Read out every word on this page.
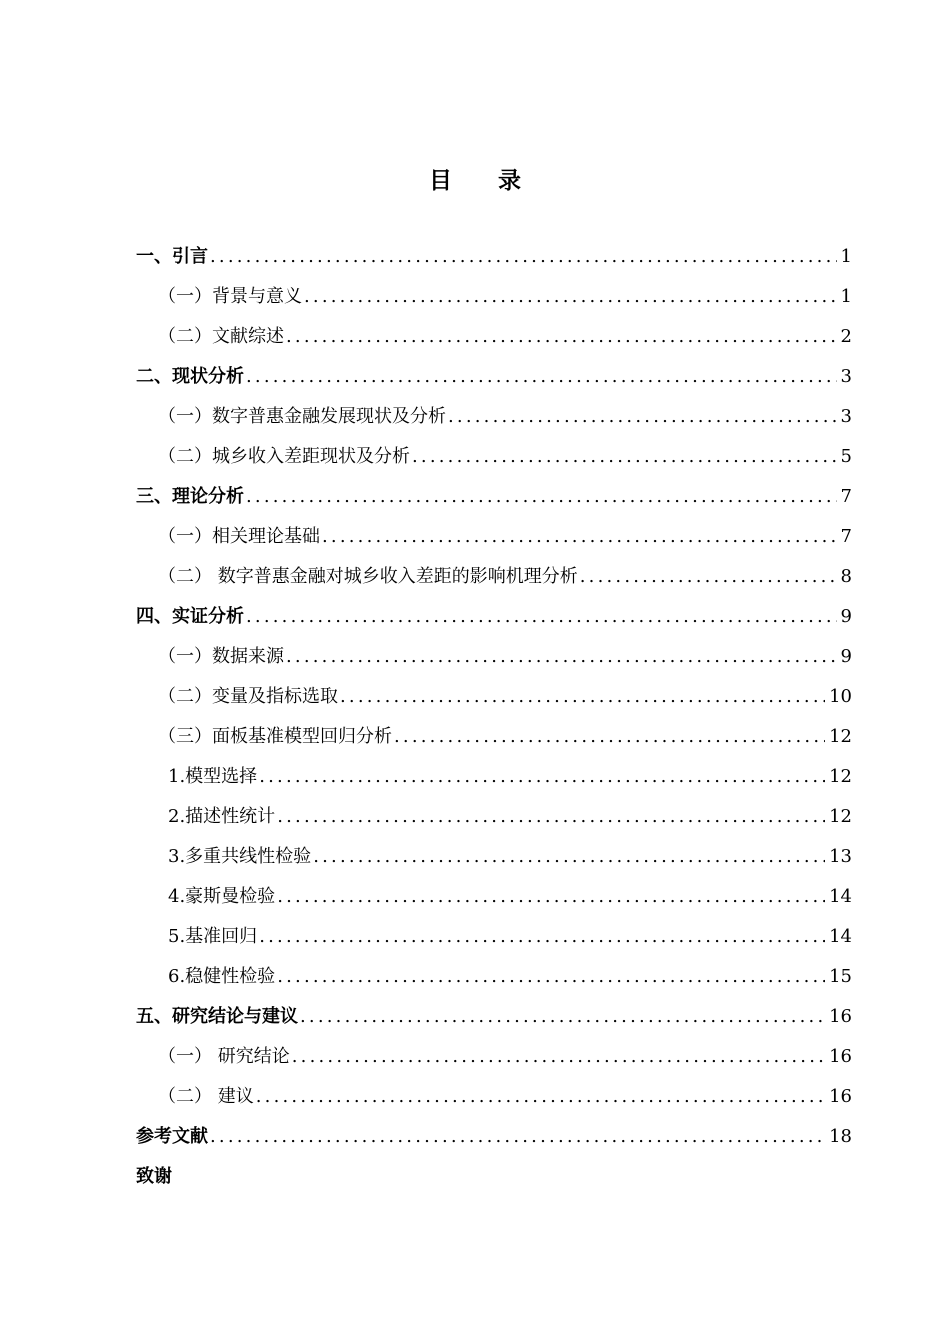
目 录
一、引言 .....	1
（一）背景与意义 .....	1
（二）文献综述 .....	2
二、现状分析 .....	3
（一）数字普惠金融发展现状及分析 .....	3
（二）城乡收入差距现状及分析 .....	5
三、理论分析 .....	7
（一）相关理论基础 .....	7
（二） 数字普惠金融对城乡收入差距的影响机理分析 .....	8
四、实证分析 .....	9
（一）数据来源 .....	9
（二）变量及指标选取 .....	10
（三）面板基准模型回归分析 .....	12
1.模型选择 .....	12
2.描述性统计 .....	12
3.多重共线性检验 .....	13
4.豪斯曼检验 .....	14
5.基准回归 .....	14
6.稳健性检验 .....	15
五、研究结论与建议 .....	16
（一） 研究结论 .....	16
（二） 建议 .....	16
参考文献 .....	18
致谢
